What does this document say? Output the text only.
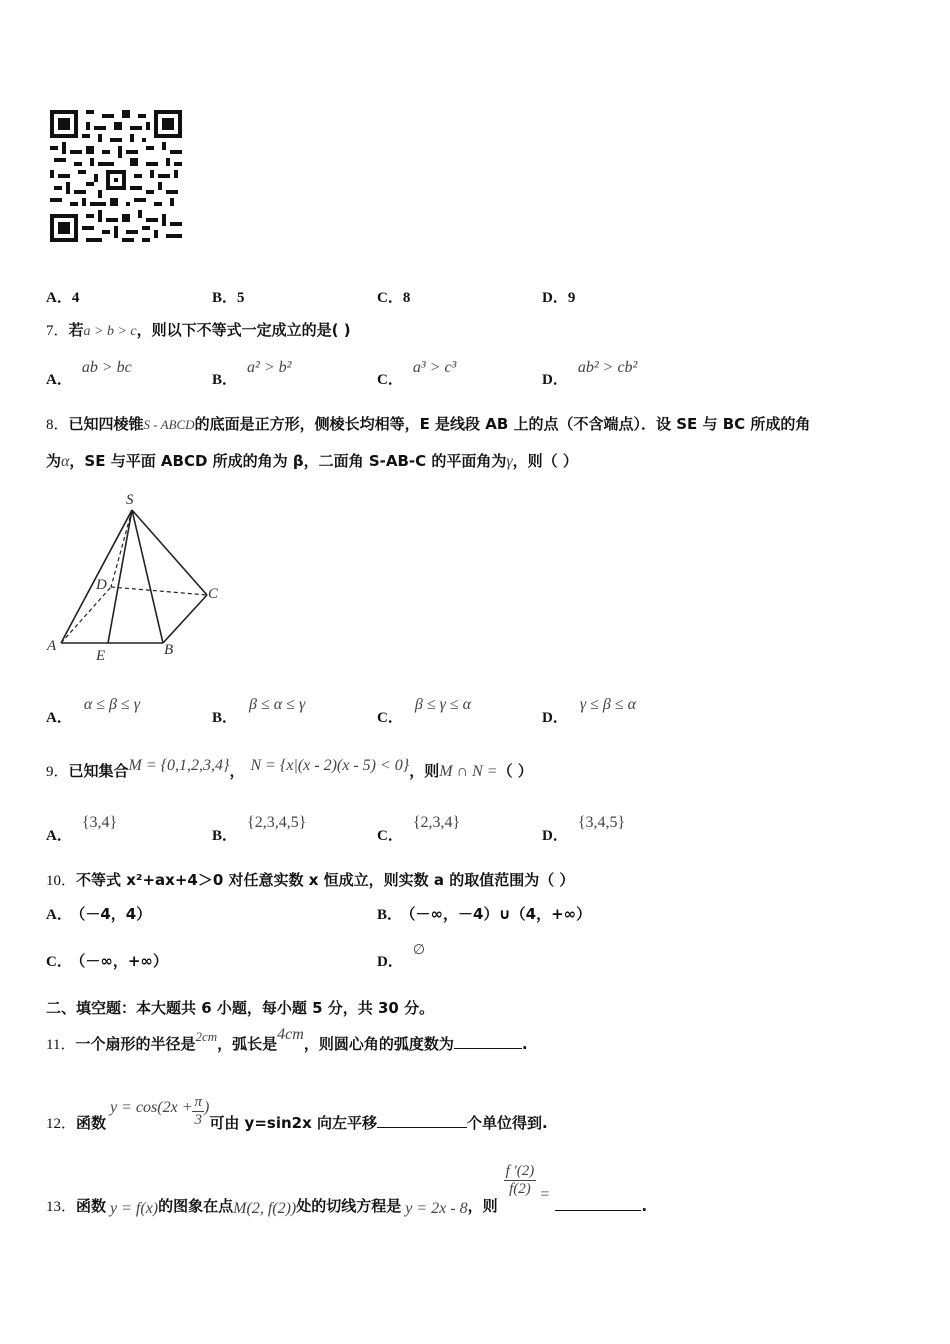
A．4	B．5	C．8	D．9
7．若a > b > c，则以下不等式一定成立的是( )
A．ab > bc
B．a² > b²
C．a³ > c³
D．ab² > cb²
8．已知四棱锥S - ABCD的底面是正方形，侧棱长均相等，E 是线段 AB 上的点（不含端点）．设 SE 与 BC 所成的角
为α，SE 与平面 ABCD 所成的角为 β，二面角 S-AB-C 的平面角为γ，则（ ）
S
A	B
C
D
E
A．α ≤ β ≤ γ
B．β ≤ α ≤ γ
C．β ≤ γ ≤ α
D．γ ≤ β ≤ α
9．已知集合M = {0,1,2,3,4}， N = {x|(x - 2)(x - 5) < 0}，则M ∩ N =（ ）
A．{3,4}
B．{2,3,4,5}
C．{2,3,4}
D．{3,4,5}
10．不等式 x²+ax+4＞0 对任意实数 x 恒成立，则实数 a 的取值范围为（ ）
A． （－4，4）	B． （－∞，－4）∪（4，+∞）
C． （－∞，+∞）	D．∅
二、填空题：本大题共 6 小题，每小题 5 分，共 30 分。
11．一个扇形的半径是$^{2cm}$，弧长是4cm，则圆心角的弧度数为	.
12．函数$y = \cos(2x + \frac{\pi}{3}$ )可由 y=sin2x 向左平移	个单位得到.
13．函数 y = f(x)的图象在点M(2, f(2))处的切线方程是 y = 2x - 8，则
$\frac{f '(2)}{f(2)}$ =.
